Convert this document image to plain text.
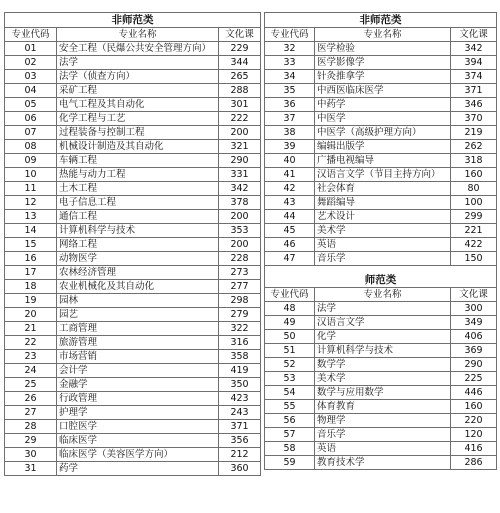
非师范类		
专业代码	专业名称	文化课
01	安全工程（民爆公共安全管理方向）	229
02	法学	344
03	法学（侦查方向）	265
04	采矿工程	288
05	电气工程及其自动化	301
06	化学工程与工艺	222
07	过程装备与控制工程	200
08	机械设计制造及其自动化	321
09	车辆工程	290
10	热能与动力工程	331
11	土木工程	342
12	电子信息工程	378
13	通信工程	200
14	计算机科学与技术	353
15	网络工程	200
16	动物医学	228
17	农林经济管理	273
18	农业机械化及其自动化	277
19	园林	298
20	园艺	279
21	工商管理	322
22	旅游管理	316
23	市场营销	358
24	会计学	419
25	金融学	350
26	行政管理	423
27	护理学	243
28	口腔医学	371
29	临床医学	356
30	临床医学（美容医学方向）	212
31	药学	360
非师范类		
专业代码	专业名称	文化课
32	医学检验	342
33	医学影像学	394
34	针灸推拿学	374
35	中西医临床医学	371
36	中药学	346
37	中医学	370
38	中医学（高级护理方向）	219
39	编辑出版学	262
40	广播电视编导	318
41	汉语言文学（节目主持方向）	160
42	社会体育	80
43	舞蹈编导	100
44	艺术设计	299
45	美术学	221
46	英语	422
47	音乐学	150

师范类		
专业代码	专业名称	文化课
48	法学	300
49	汉语言文学	349
50	化学	406
51	计算机科学与技术	369
52	数学学	290
53	美术学	225
54	数学与应用数学	446
55	体育教育	160
56	物理学	220
57	音乐学	120
58	英语	416
59	教育技术学	286
